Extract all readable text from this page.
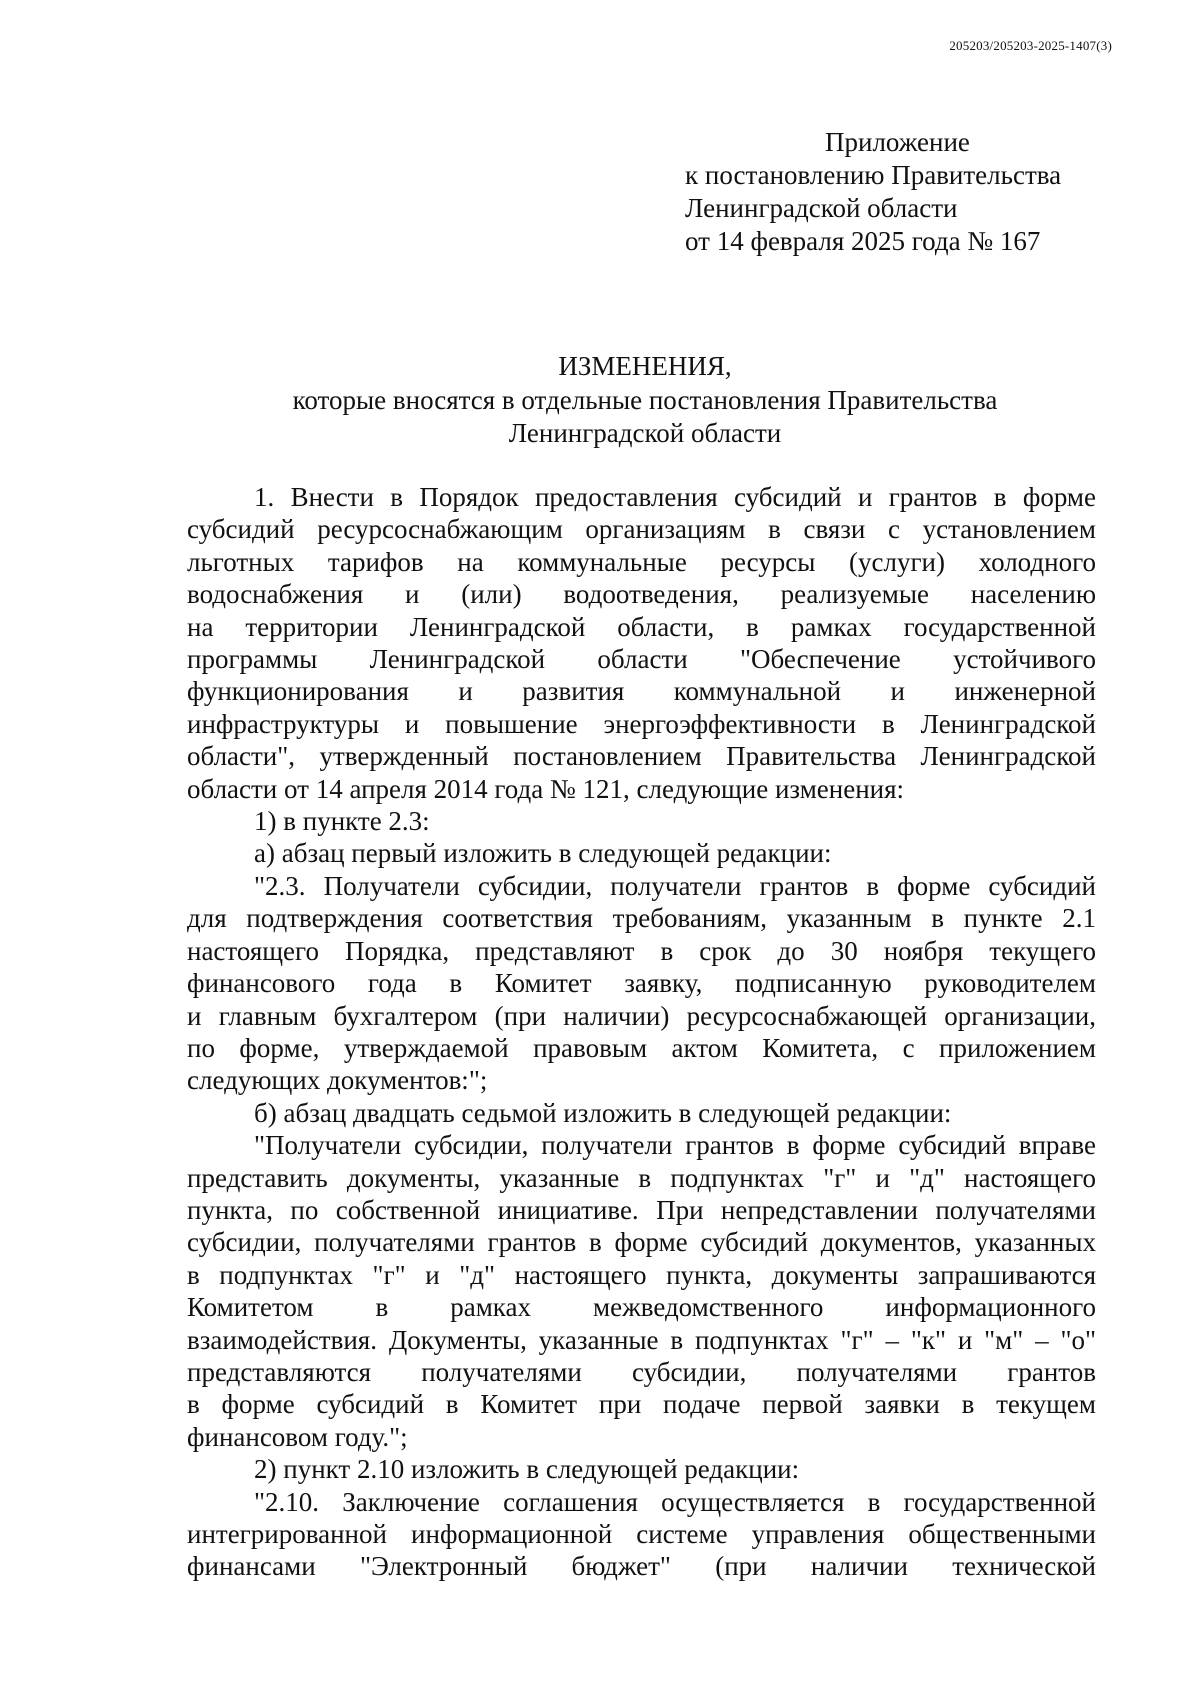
205203/205203-2025-1407(3)
Приложение
к постановлению Правительства
Ленинградской области
от 14 февраля 2025 года № 167
ИЗМЕНЕНИЯ,
которые вносятся в отдельные постановления Правительства
Ленинградской области
1. Внести в Порядок предоставления субсидий и грантов в форме
субсидий ресурсоснабжающим организациям в связи с установлением
льготных тарифов на коммунальные ресурсы (услуги) холодного
водоснабжения и (или) водоотведения, реализуемые населению
на территории Ленинградской области, в рамках государственной
программы Ленинградской области "Обеспечение устойчивого
функционирования и развития коммунальной и инженерной
инфраструктуры и повышение энергоэффективности в Ленинградской
области", утвержденный постановлением Правительства Ленинградской
области от 14 апреля 2014 года № 121, следующие изменения:
1) в пункте 2.3:
а) абзац первый изложить в следующей редакции:
"2.3. Получатели субсидии, получатели грантов в форме субсидий
для подтверждения соответствия требованиям, указанным в пункте 2.1
настоящего Порядка, представляют в срок до 30 ноября текущего
финансового года в Комитет заявку, подписанную руководителем
и главным бухгалтером (при наличии) ресурсоснабжающей организации,
по форме, утверждаемой правовым актом Комитета, с приложением
следующих документов:";
б) абзац двадцать седьмой изложить в следующей редакции:
"Получатели субсидии, получатели грантов в форме субсидий вправе
представить документы, указанные в подпунктах "г" и "д" настоящего
пункта, по собственной инициативе. При непредставлении получателями
субсидии, получателями грантов в форме субсидий документов, указанных
в подпунктах "г" и "д" настоящего пункта, документы запрашиваются
Комитетом в рамках межведомственного информационного
взаимодействия. Документы, указанные в подпунктах "г" – "к" и "м" – "о"
представляются получателями субсидии, получателями грантов
в форме субсидий в Комитет при подаче первой заявки в текущем
финансовом году.";
2) пункт 2.10 изложить в следующей редакции:
"2.10. Заключение соглашения осуществляется в государственной
интегрированной информационной системе управления общественными
финансами "Электронный бюджет" (при наличии технической
